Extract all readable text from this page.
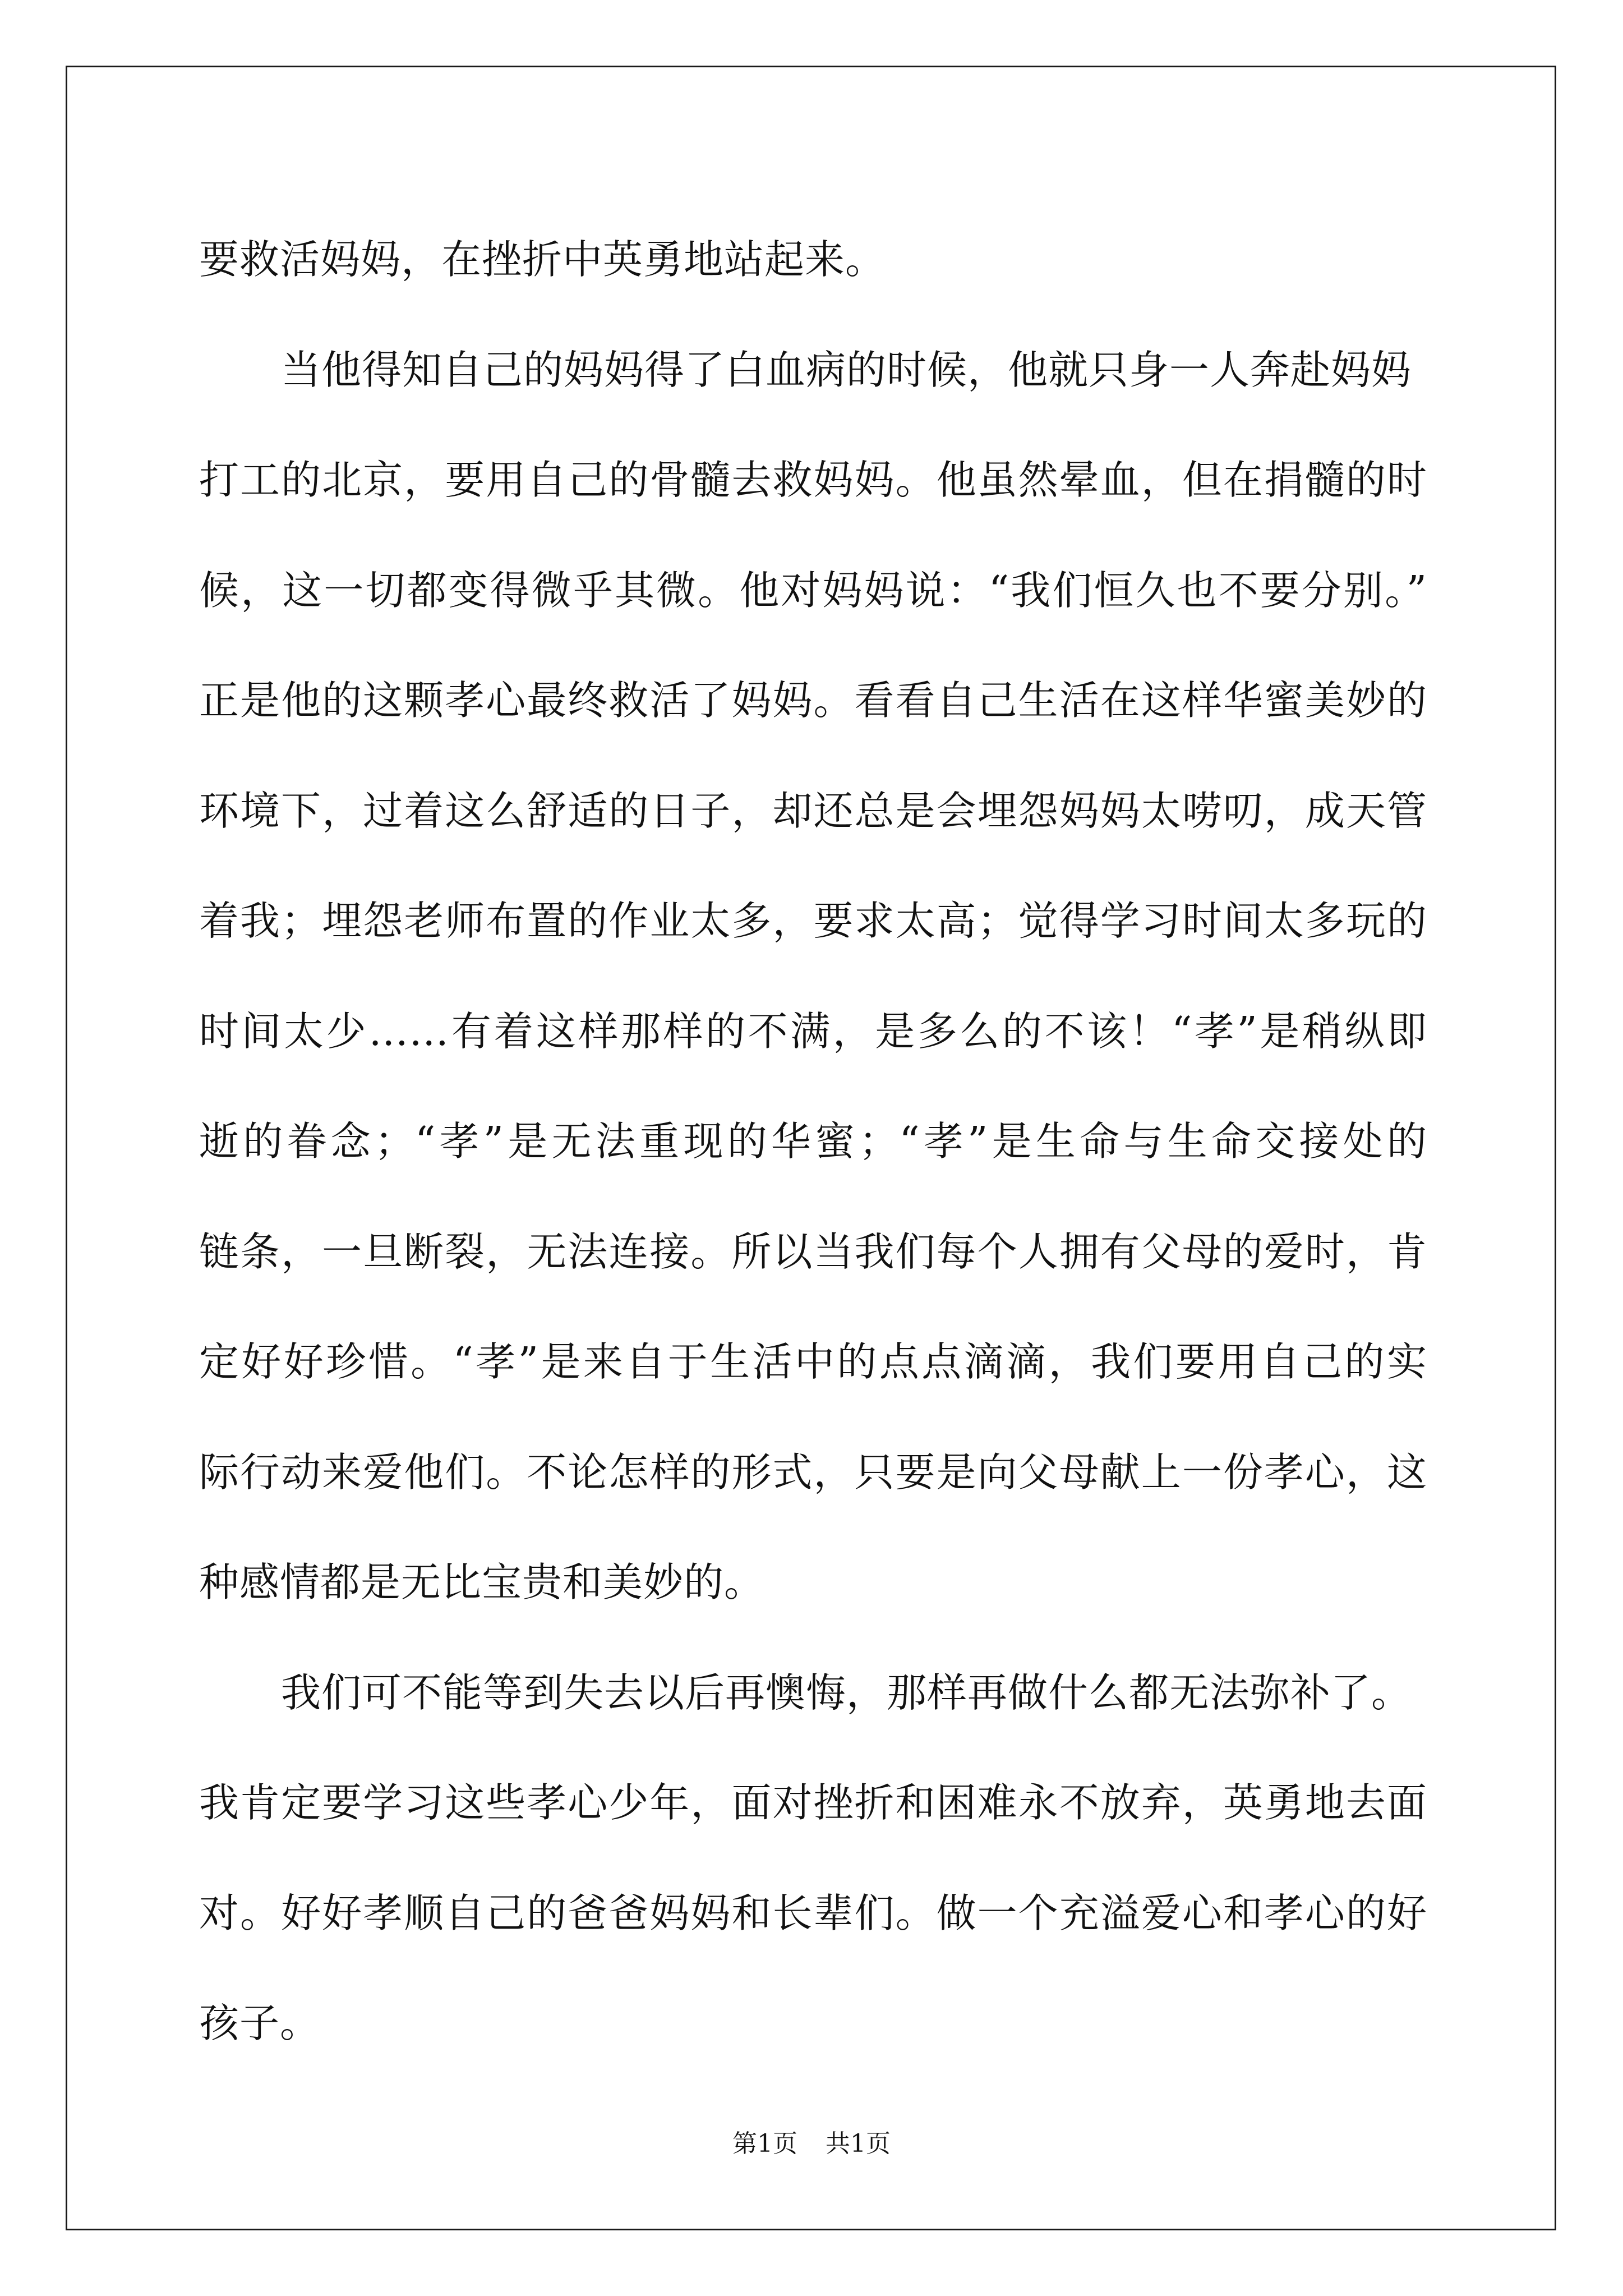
要救活妈妈，在挫折中英勇地站起来。
当他得知自己的妈妈得了白血病的时候，他就只身一人奔赴妈妈
打工的北京，要用自己的骨髓去救妈妈。他虽然晕血，但在捐髓的时
候，这一切都变得微乎其微。他对妈妈说：“我们恒久也不要分别。”
正是他的这颗孝心最终救活了妈妈。看看自己生活在这样华蜜美妙的
环境下，过着这么舒适的日子，却还总是会埋怨妈妈太唠叨，成天管
着我；埋怨老师布置的作业太多，要求太高；觉得学习时间太多玩的
时间太少……有着这样那样的不满，是多么的不该！“孝”是稍纵即
逝的眷念；“孝”是无法重现的华蜜；“孝”是生命与生命交接处的
链条，一旦断裂，无法连接。所以当我们每个人拥有父母的爱时，肯
定好好珍惜。“孝”是来自于生活中的点点滴滴，我们要用自己的实
际行动来爱他们。不论怎样的形式，只要是向父母献上一份孝心，这
种感情都是无比宝贵和美妙的。
我们可不能等到失去以后再懊悔，那样再做什么都无法弥补了。
我肯定要学习这些孝心少年，面对挫折和困难永不放弃，英勇地去面
对。好好孝顺自己的爸爸妈妈和长辈们。做一个充溢爱心和孝心的好
孩子。
第1页 共1页
